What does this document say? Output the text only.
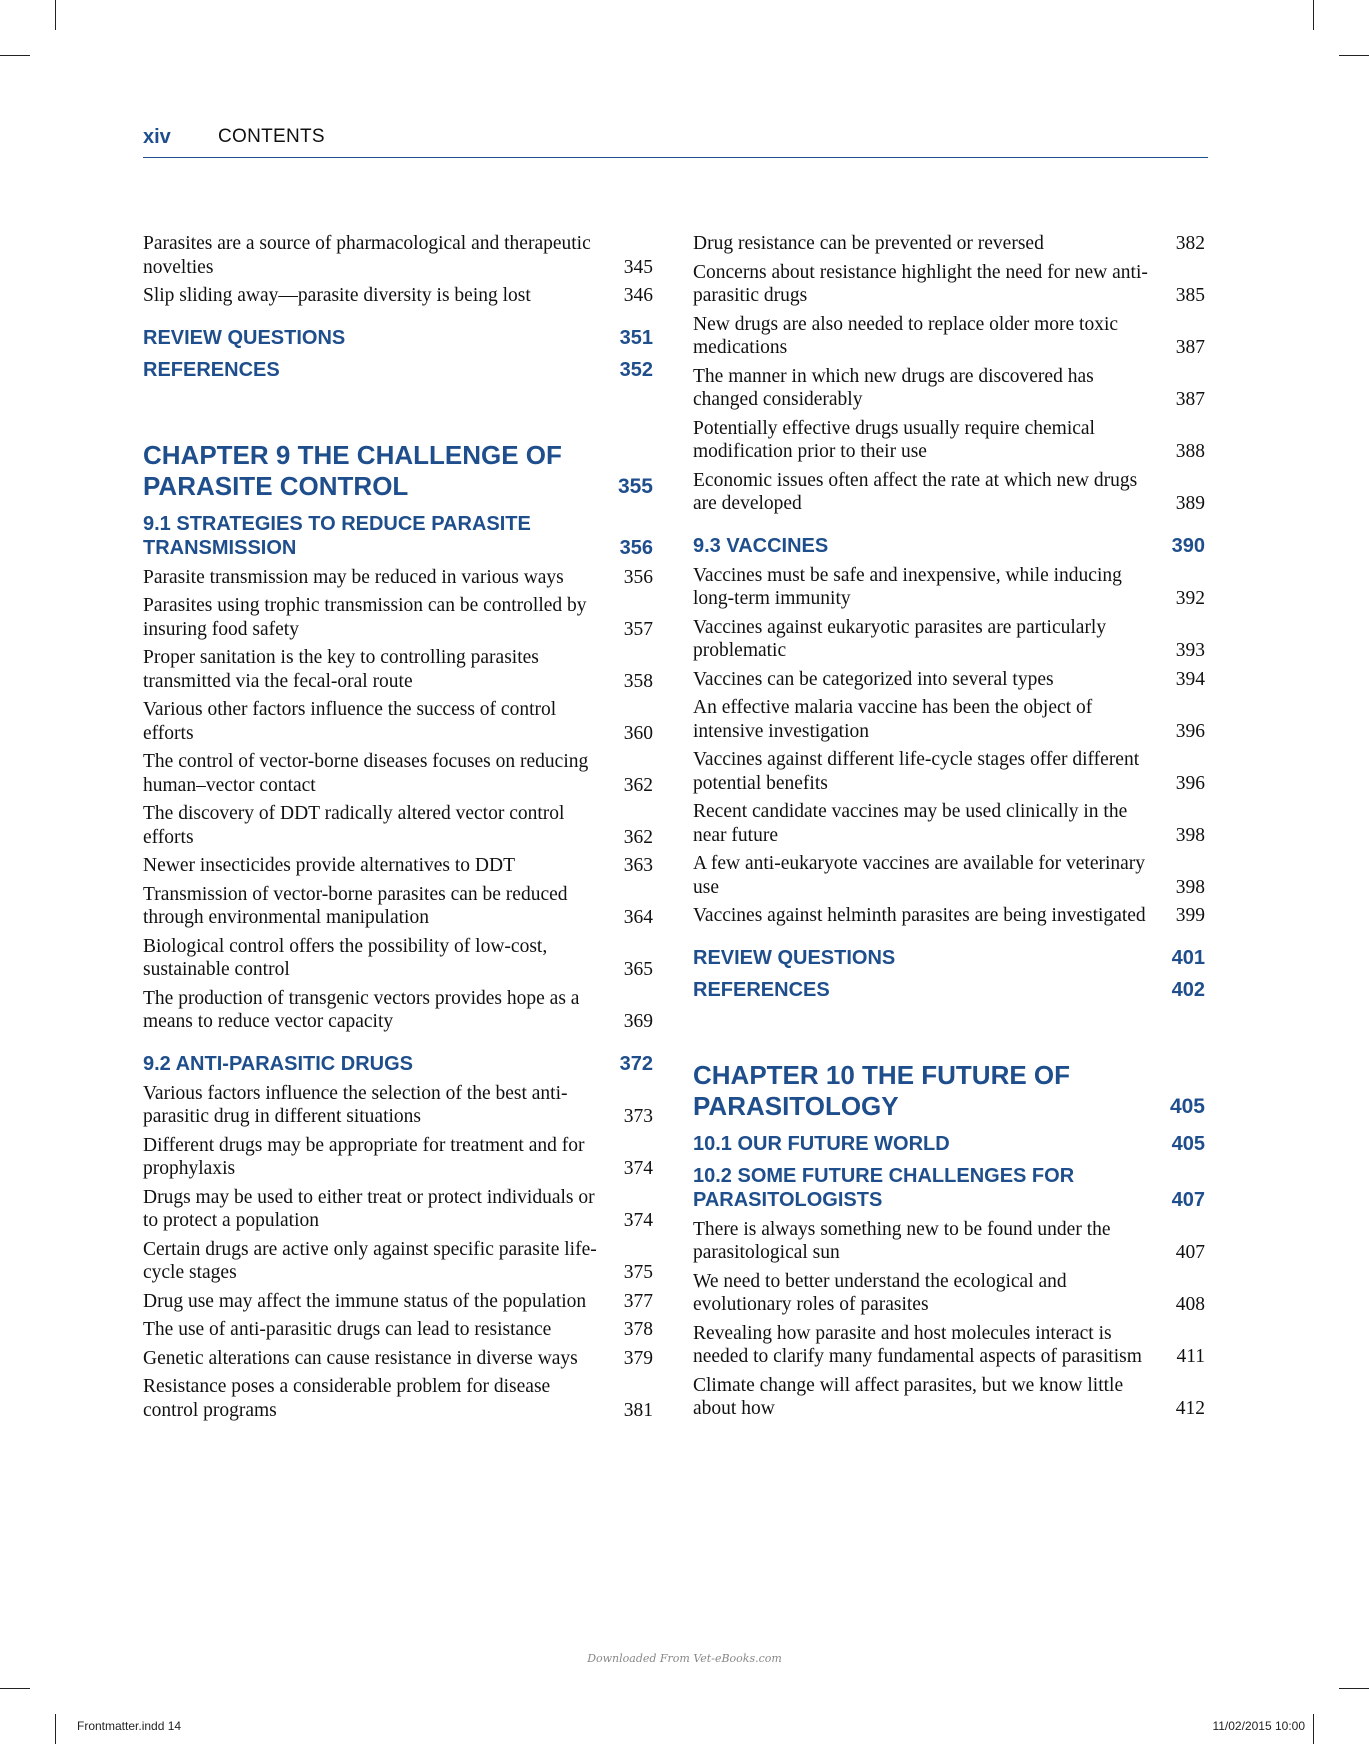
xiv CONTENTS
Parasites are a source of pharmacological and therapeutic novelties	345
Slip sliding away—parasite diversity is being lost	346
REVIEW QUESTIONS	351
REFERENCES	352
CHAPTER 9 THE CHALLENGE OF PARASITE CONTROL	355
9.1 STRATEGIES TO REDUCE PARASITE TRANSMISSION	356
Parasite transmission may be reduced in various ways	356
Parasites using trophic transmission can be controlled by insuring food safety	357
Proper sanitation is the key to controlling parasites transmitted via the fecal-oral route	358
Various other factors influence the success of control efforts	360
The control of vector-borne diseases focuses on reducing human–vector contact	362
The discovery of DDT radically altered vector control efforts	362
Newer insecticides provide alternatives to DDT	363
Transmission of vector-borne parasites can be reduced through environmental manipulation	364
Biological control offers the possibility of low-cost, sustainable control	365
The production of transgenic vectors provides hope as a means to reduce vector capacity	369
9.2 ANTI-PARASITIC DRUGS	372
Various factors influence the selection of the best anti-parasitic drug in different situations	373
Different drugs may be appropriate for treatment and for prophylaxis	374
Drugs may be used to either treat or protect individuals or to protect a population	374
Certain drugs are active only against specific parasite life-cycle stages	375
Drug use may affect the immune status of the population	377
The use of anti-parasitic drugs can lead to resistance	378
Genetic alterations can cause resistance in diverse ways	379
Resistance poses a considerable problem for disease control programs	381
Drug resistance can be prevented or reversed	382
Concerns about resistance highlight the need for new anti-parasitic drugs	385
New drugs are also needed to replace older more toxic medications	387
The manner in which new drugs are discovered has changed considerably	387
Potentially effective drugs usually require chemical modification prior to their use	388
Economic issues often affect the rate at which new drugs are developed	389
9.3 VACCINES	390
Vaccines must be safe and inexpensive, while inducing long-term immunity	392
Vaccines against eukaryotic parasites are particularly problematic	393
Vaccines can be categorized into several types	394
An effective malaria vaccine has been the object of intensive investigation	396
Vaccines against different life-cycle stages offer different potential benefits	396
Recent candidate vaccines may be used clinically in the near future	398
A few anti-eukaryote vaccines are available for veterinary use	398
Vaccines against helminth parasites are being investigated	399
REVIEW QUESTIONS	401
REFERENCES	402
CHAPTER 10 THE FUTURE OF PARASITOLOGY	405
10.1 OUR FUTURE WORLD	405
10.2 SOME FUTURE CHALLENGES FOR PARASITOLOGISTS	407
There is always something new to be found under the parasitological sun	407
We need to better understand the ecological and evolutionary roles of parasites	408
Revealing how parasite and host molecules interact is needed to clarify many fundamental aspects of parasitism	411
Climate change will affect parasites, but we know little about how	412
Downloaded From Vet-eBooks.com
Frontmatter.indd 14	11/02/2015 10:00
